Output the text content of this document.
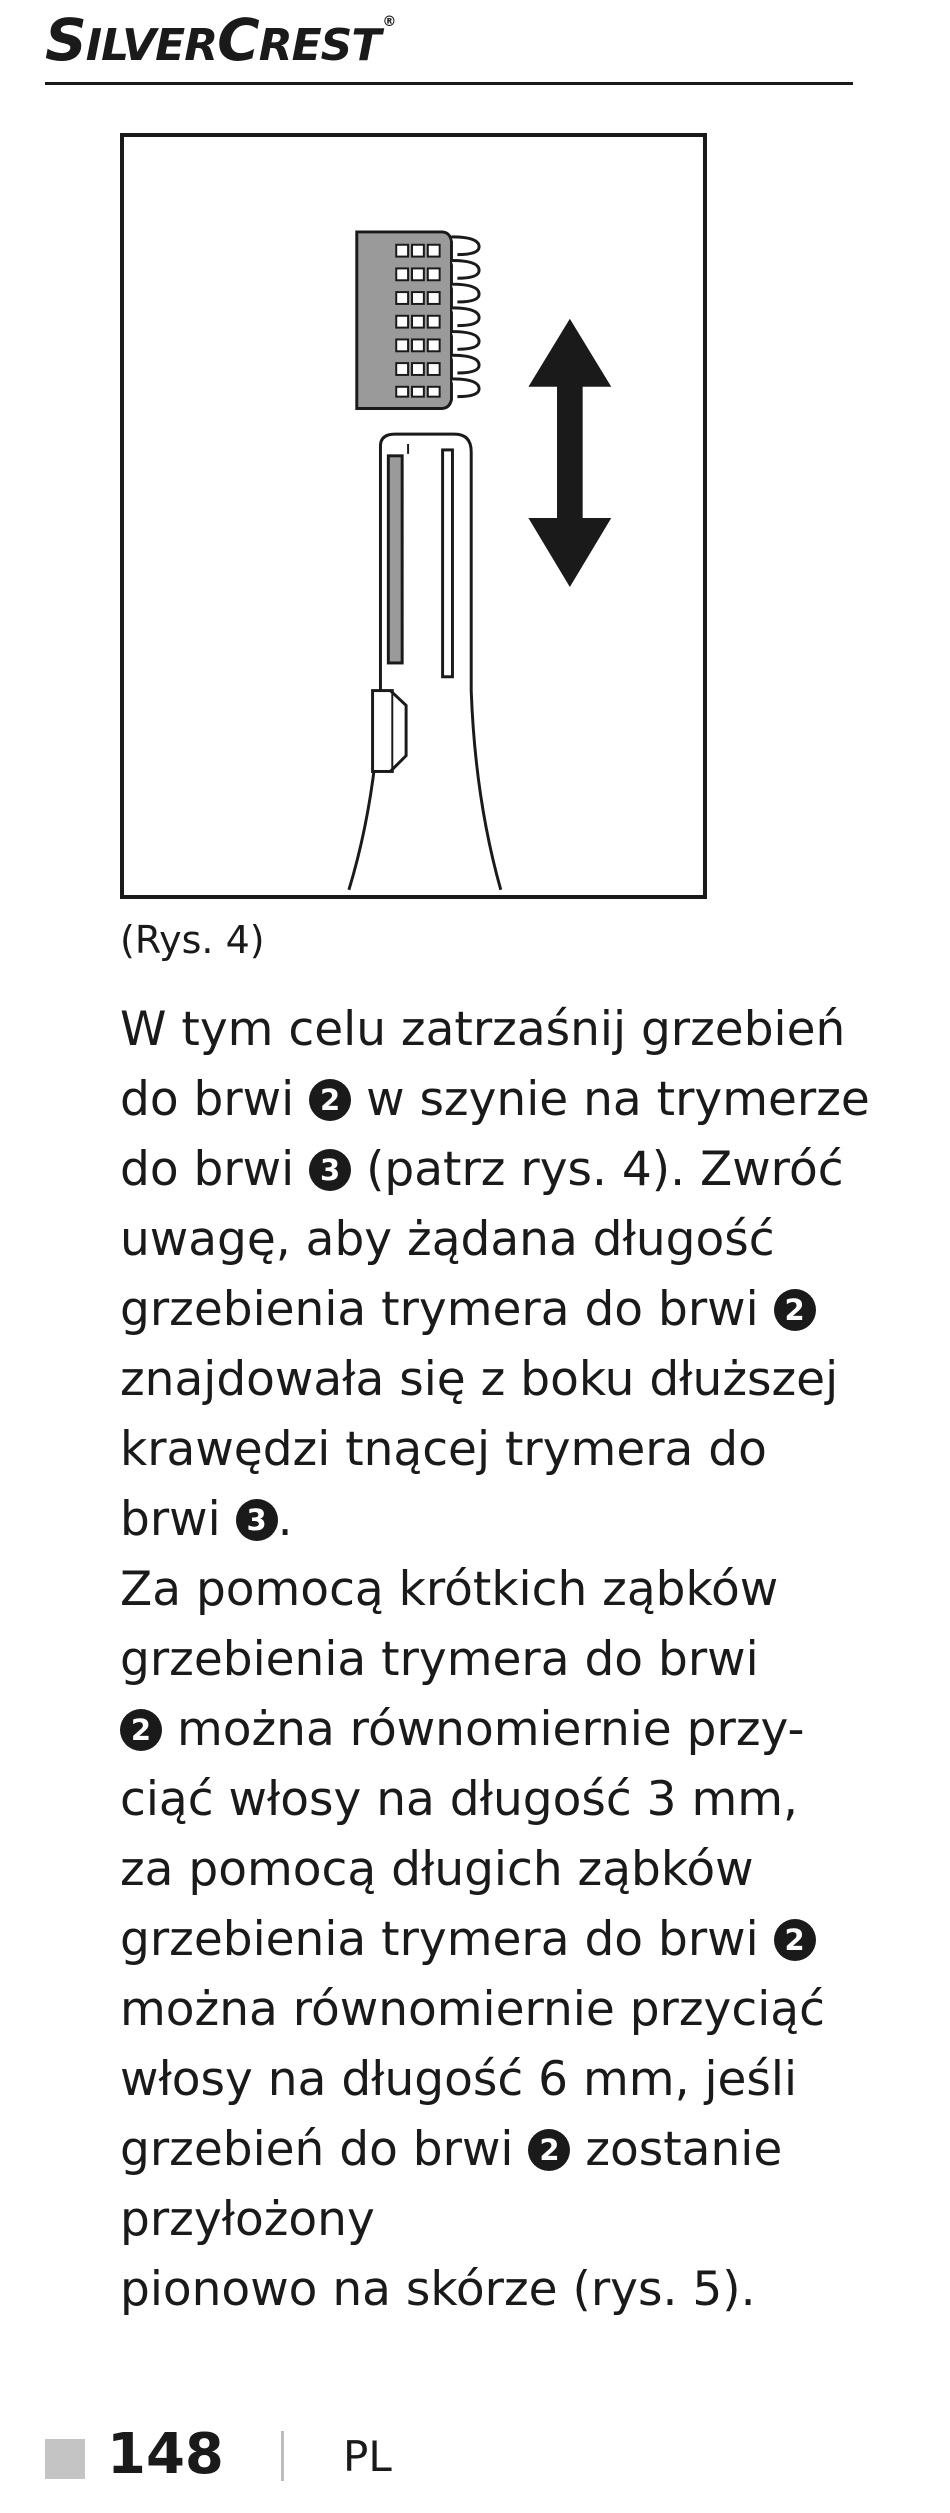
SILVERCREST ®
(Rys. 4)
W tym celu zatrzaśnij grzebień
do brwi 2 w szynie na trymerze
do brwi 3 (patrz rys. 4). Zwróć
uwagę, aby żądana długość
grzebienia trymera do brwi 2
znajdowała się z boku dłuższej
krawędzi tnącej trymera do
brwi 3 .
Za pomocą krótkich ząbków
grzebienia trymera do brwi
2 można równomiernie przy-
ciąć włosy na długość 3 mm,
za pomocą długich ząbków
grzebienia trymera do brwi 2
można równomiernie przyciąć
włosy na długość 6 mm, jeśli
grzebień do brwi 2 zostanie
przyłożony
pionowo na skórze (rys. 5).
148	PL
